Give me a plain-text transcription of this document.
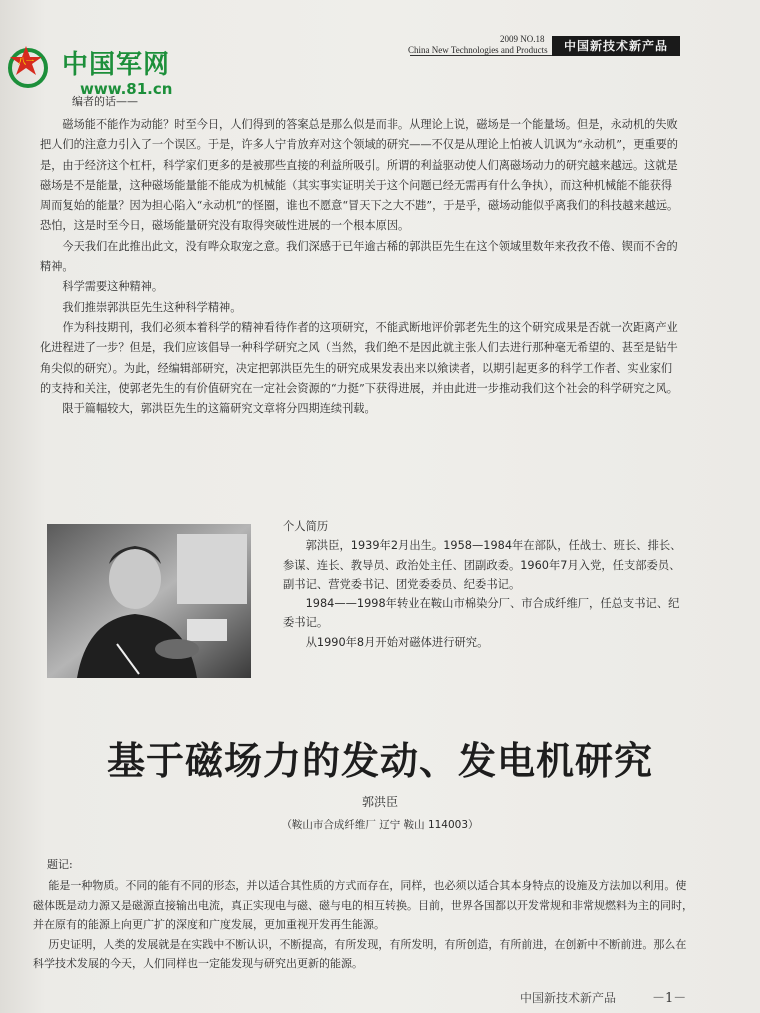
八一 中国军网
www.81.cn
2009 NO.18
China New Technologies and Products	中国新技术新产品
编者的话——

磁场能不能作为动能？时至今日，人们得到的答案总是那么似是而非。从理论上说，磁场是一个能量场。但是，永动机的失败把人们的注意力引入了一个误区。于是，许多人宁肯放弃对这个领域的研究——不仅是从理论上怕被人讥讽为“永动机”，更重要的是，由于经济这个杠杆，科学家们更多的是被那些直接的利益所吸引。所谓的利益驱动使人们离磁场动力的研究越来越远。这就是磁场是不是能量，这种磁场能量能不能成为机械能（其实事实证明关于这个问题已经无需再有什么争执），而这种机械能不能获得周而复始的能量？因为担心陷入“永动机”的怪圈，谁也不愿意“冒天下之大不韪”，于是乎，磁场动能似乎离我们的科技越来越远。恐怕，这是时至今日，磁场能量研究没有取得突破性进展的一个根本原因。

今天我们在此推出此文，没有哗众取宠之意。我们深感于已年逾古稀的郭洪臣先生在这个领域里数年来孜孜不倦、锲而不舍的精神。

科学需要这种精神。

我们推崇郭洪臣先生这种科学精神。

作为科技期刊，我们必须本着科学的精神看待作者的这项研究，不能武断地评价郭老先生的这个研究成果是否就一次距离产业化进程进了一步？但是，我们应该倡导一种科学研究之风（当然，我们绝不是因此就主张人们去进行那种毫无希望的、甚至是钻牛角尖似的研究）。为此，经编辑部研究，决定把郭洪臣先生的研究成果发表出来以飨读者，以期引起更多的科学工作者、实业家们的支持和关注，使郭老先生的有价值研究在一定社会资源的“力挺”下获得进展，并由此进一步推动我们这个社会的科学研究之风。

限于篇幅较大，郭洪臣先生的这篇研究文章将分四期连续刊载。

个人简历

郭洪臣，1939年2月出生。1958—1984年在部队，任战士、班长、排长、参谋、连长、教导员、政治处主任、团副政委。1960年7月入党，任支部委员、副书记、营党委书记、团党委委员、纪委书记。

1984——1998年转业在鞍山市棉染分厂、市合成纤维厂，任总支书记、纪委书记。

从1990年8月开始对磁体进行研究。

基于磁场力的发动、发电机研究
郭洪臣
（鞍山市合成纤维厂 辽宁 鞍山 114003）
题记:

能是一种物质。不同的能有不同的形态，并以适合其性质的方式而存在，同样，也必须以适合其本身特点的设施及方法加以利用。使磁体既是动力源又是磁源直接输出电流，真正实现电与磁、磁与电的相互转换。目前，世界各国都以开发常规和非常规燃料为主的同时，并在原有的能源上向更广扩的深度和广度发展，更加重视开发再生能源。

历史证明，人类的发展就是在实践中不断认识，不断提高，有所发现，有所发明，有所创造，有所前进，在创新中不断前进。那么在科学技术发展的今天，人们同样也一定能发现与研究出更新的能源。

中国新技术新产品	－1－
